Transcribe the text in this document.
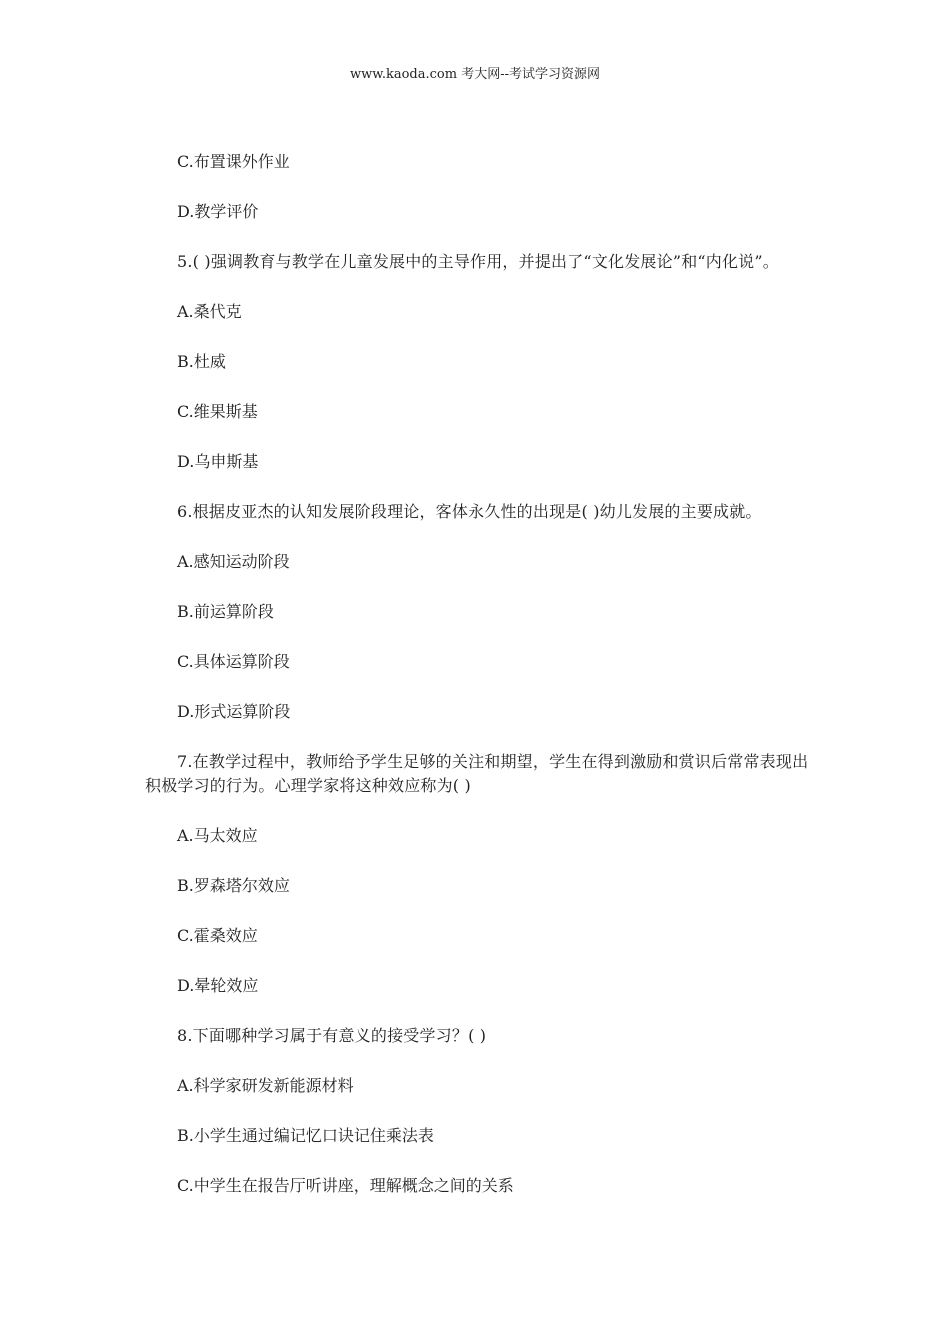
www.kaoda.com 考大网--考试学习资源网

C.布置课外作业

D.教学评价

5.( )强调教育与教学在儿童发展中的主导作用，并提出了“文化发展论”和“内化说”。

A.桑代克

B.杜威

C.维果斯基

D.乌申斯基

6.根据皮亚杰的认知发展阶段理论，客体永久性的出现是( )幼儿发展的主要成就。

A.感知运动阶段

B.前运算阶段

C.具体运算阶段

D.形式运算阶段

7.在教学过程中，教师给予学生足够的关注和期望，学生在得到激励和赏识后常常表现出积极学习的行为。心理学家将这种效应称为( )

A.马太效应

B.罗森塔尔效应

C.霍桑效应

D.晕轮效应

8.下面哪种学习属于有意义的接受学习？( )

A.科学家研发新能源材料

B.小学生通过编记忆口诀记住乘法表

C.中学生在报告厅听讲座，理解概念之间的关系
